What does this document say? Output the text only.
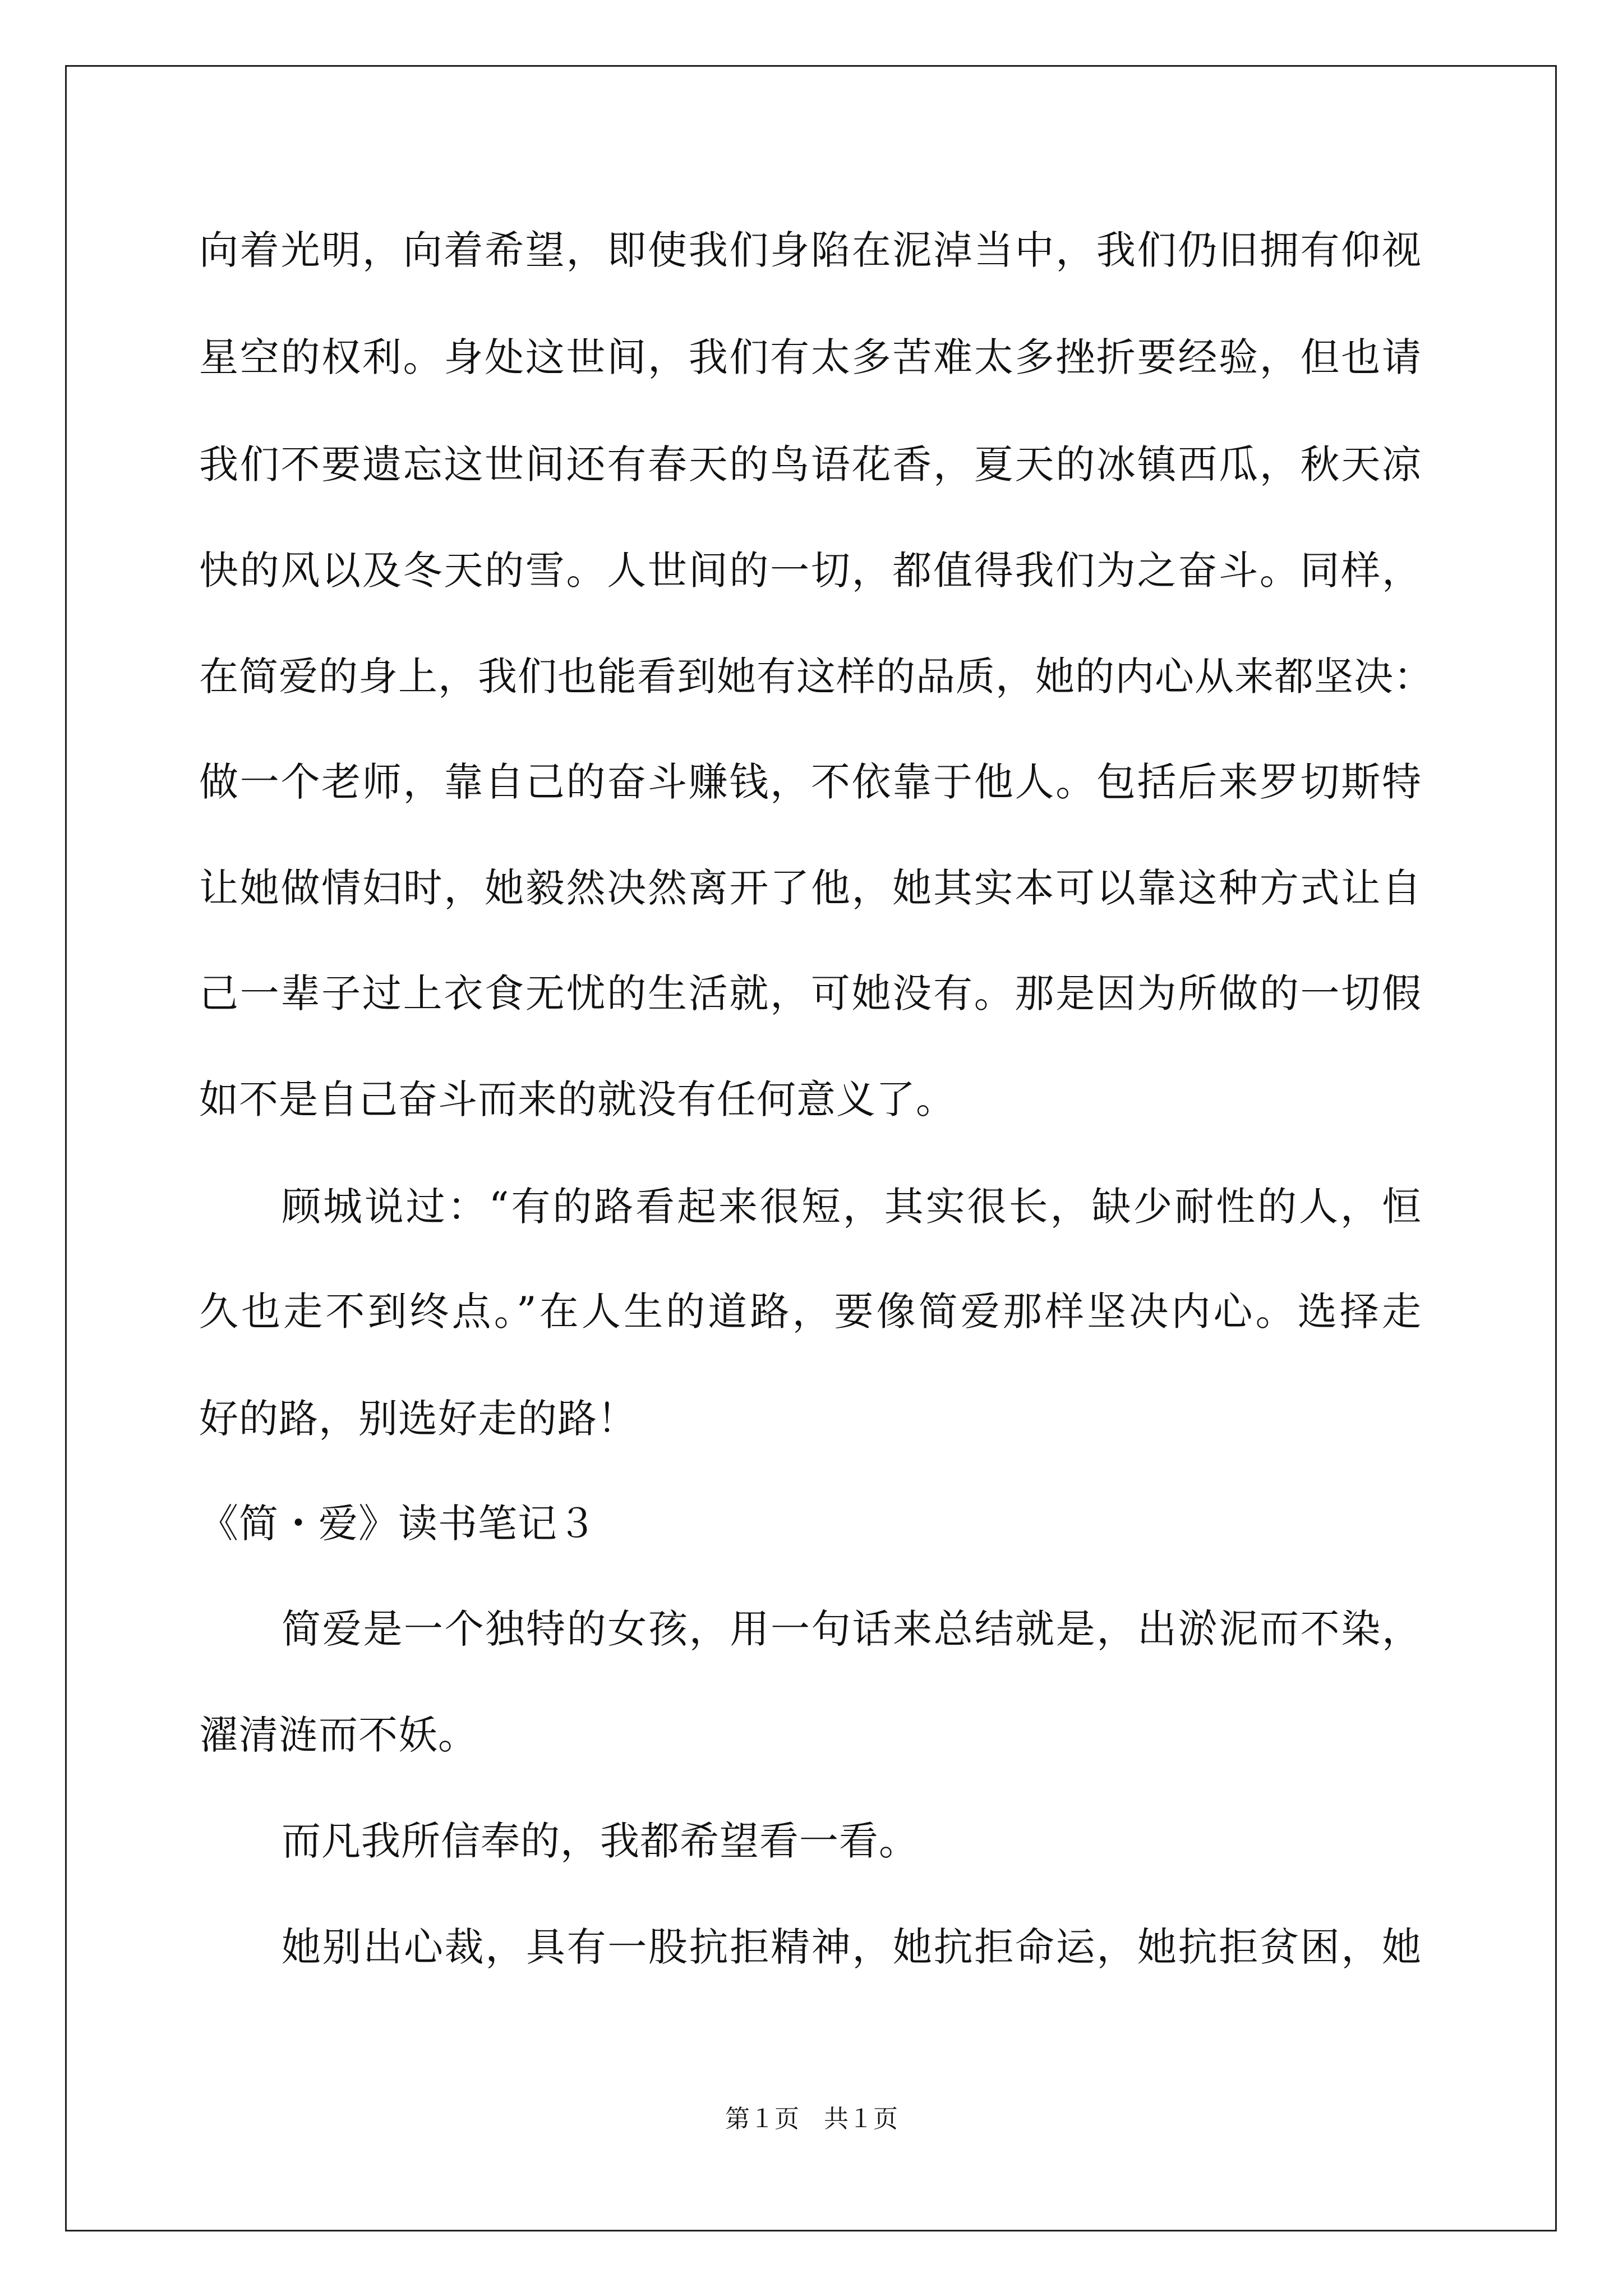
向着光明，向着希望，即使我们身陷在泥淖当中，我们仍旧拥有仰视
星空的权利。身处这世间，我们有太多苦难太多挫折要经验，但也请
我们不要遗忘这世间还有春天的鸟语花香，夏天的冰镇西瓜，秋天凉
快的风以及冬天的雪。人世间的一切，都值得我们为之奋斗。同样，
在简爱的身上，我们也能看到她有这样的品质，她的内心从来都坚决：
做一个老师，靠自己的奋斗赚钱，不依靠于他人。包括后来罗切斯特
让她做情妇时，她毅然决然离开了他，她其实本可以靠这种方式让自
己一辈子过上衣食无忧的生活就，可她没有。那是因为所做的一切假
如不是自己奋斗而来的就没有任何意义了。
顾城说过：“有的路看起来很短，其实很长，缺少耐性的人，恒
久也走不到终点。”在人生的道路，要像简爱那样坚决内心。选择走
好的路，别选好走的路！
《简・爱》读书笔记３
简爱是一个独特的女孩，用一句话来总结就是，出淤泥而不染，
濯清涟而不妖。
而凡我所信奉的，我都希望看一看。
她别出心裁，具有一股抗拒精神，她抗拒命运，她抗拒贫困，她
第１页　共１页
